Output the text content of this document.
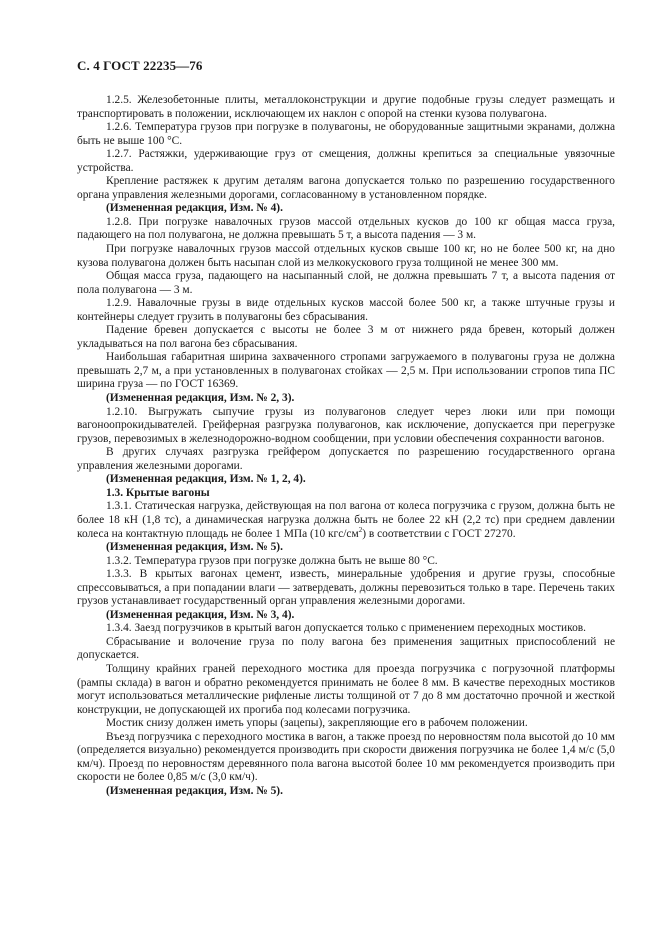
С. 4 ГОСТ 22235—76

1.2.5. Железобетонные плиты, металлоконструкции и другие подобные грузы следует размещать и транспортировать в положении, исключающем их наклон с опорой на стенки кузова полувагона.

1.2.6. Температура грузов при погрузке в полувагоны, не оборудованные защитными экранами, должна быть не выше 100 °С.

1.2.7. Растяжки, удерживающие груз от смещения, должны крепиться за специальные увязочные устройства.

Крепление растяжек к другим деталям вагона допускается только по разрешению государственного органа управления железными дорогами, согласованному в установленном порядке.

(Измененная редакция, Изм. № 4).

1.2.8. При погрузке навалочных грузов массой отдельных кусков до 100 кг общая масса груза, падающего на пол полувагона, не должна превышать 5 т, а высота падения — 3 м.

При погрузке навалочных грузов массой отдельных кусков свыше 100 кг, но не более 500 кг, на дно кузова полувагона должен быть насыпан слой из мелкокускового груза толщиной не менее 300 мм.

Общая масса груза, падающего на насыпанный слой, не должна превышать 7 т, а высота падения от пола полувагона — 3 м.

1.2.9. Навалочные грузы в виде отдельных кусков массой более 500 кг, а также штучные грузы и контейнеры следует грузить в полувагоны без сбрасывания.

Падение бревен допускается с высоты не более 3 м от нижнего ряда бревен, который должен укладываться на пол вагона без сбрасывания.

Наибольшая габаритная ширина захваченного стропами загружаемого в полувагоны груза не должна превышать 2,7 м, а при установленных в полувагонах стойках — 2,5 м. При использовании стропов типа ПС ширина груза — по ГОСТ 16369.

(Измененная редакция, Изм. № 2, 3).

1.2.10. Выгружать сыпучие грузы из полувагонов следует через люки или при помощи вагоноопрокидывателей. Грейферная разгрузка полувагонов, как исключение, допускается при перегрузке грузов, перевозимых в железнодорожно-водном сообщении, при условии обеспечения сохранности вагонов.

В других случаях разгрузка грейфером допускается по разрешению государственного органа управления железными дорогами.

(Измененная редакция, Изм. № 1, 2, 4).

1.3. Крытые вагоны

1.3.1. Статическая нагрузка, действующая на пол вагона от колеса погрузчика с грузом, должна быть не более 18 кН (1,8 тс), а динамическая нагрузка должна быть не более 22 кН (2,2 тс) при среднем давлении колеса на контактную площадь не более 1 МПа (10 кгс/$см^2$) в соответствии с ГОСТ 27270.

(Измененная редакция, Изм. № 5).

1.3.2. Температура грузов при погрузке должна быть не выше 80 °С.

1.3.3. В крытых вагонах цемент, известь, минеральные удобрения и другие грузы, способные спрессовываться, а при попадании влаги — затвердевать, должны перевозиться только в таре. Перечень таких грузов устанавливает государственный орган управления железными дорогами.

(Измененная редакция, Изм. № 3, 4).

1.3.4. Заезд погрузчиков в крытый вагон допускается только с применением переходных мостиков.

Сбрасывание и волочение груза по полу вагона без применения защитных приспособлений не допускается.

Толщину крайних граней переходного мостика для проезда погрузчика с погрузочной платформы (рампы склада) в вагон и обратно рекомендуется принимать не более 8 мм. В качестве переходных мостиков могут использоваться металлические рифленые листы толщиной от 7 до 8 мм достаточно прочной и жесткой конструкции, не допускающей их прогиба под колесами погрузчика.

Мостик снизу должен иметь упоры (зацепы), закрепляющие его в рабочем положении.

Въезд погрузчика с переходного мостика в вагон, а также проезд по неровностям пола высотой до 10 мм (определяется визуально) рекомендуется производить при скорости движения погрузчика не более 1,4 м/с (5,0 км/ч). Проезд по неровностям деревянного пола вагона высотой более 10 мм рекомендуется производить при скорости не более 0,85 м/с (3,0 км/ч).

(Измененная редакция, Изм. № 5).
